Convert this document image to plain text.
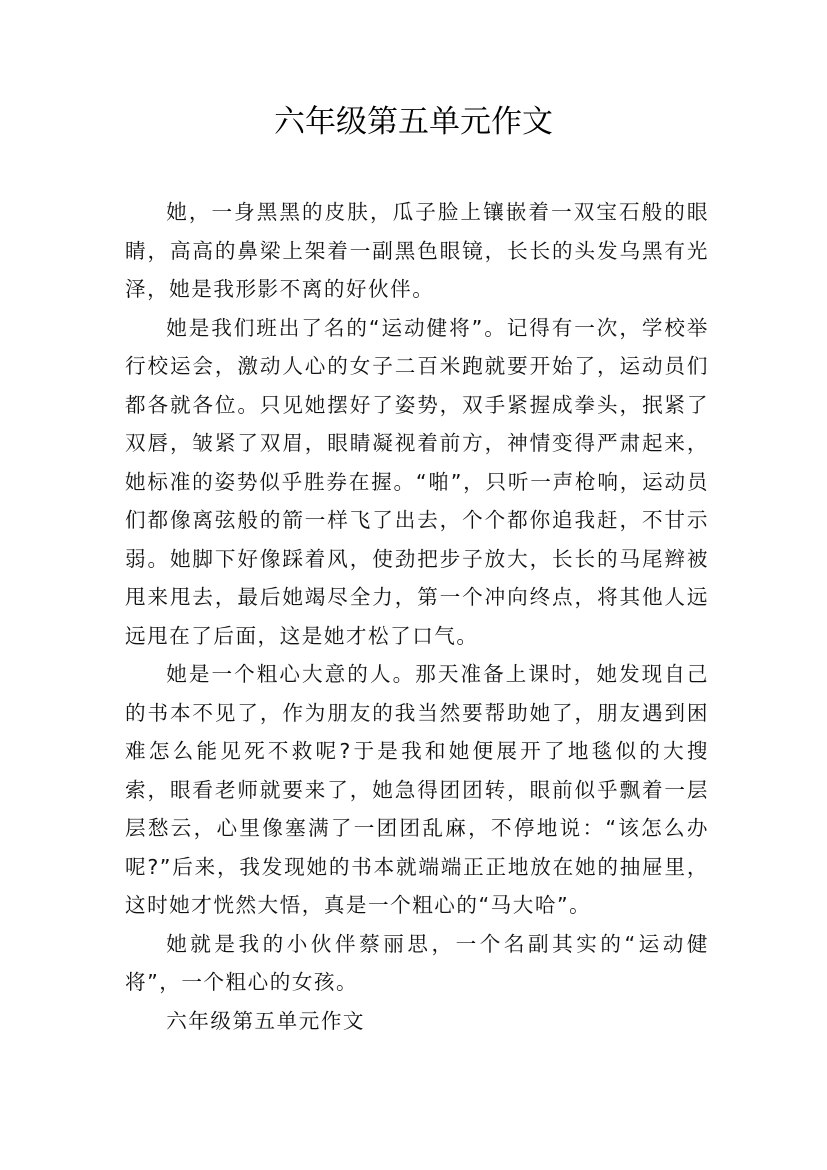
六年级第五单元作文

她，一身黑黑的皮肤，瓜子脸上镶嵌着一双宝石般的眼睛，高高的鼻梁上架着一副黑色眼镜，长长的头发乌黑有光泽，她是我形影不离的好伙伴。

她是我们班出了名的“运动健将”。记得有一次，学校举行校运会，激动人心的女子二百米跑就要开始了，运动员们都各就各位。只见她摆好了姿势，双手紧握成拳头，抿紧了双唇，皱紧了双眉，眼睛凝视着前方，神情变得严肃起来，她标准的姿势似乎胜券在握。“啪”，只听一声枪响，运动员们都像离弦般的箭一样飞了出去，个个都你追我赶，不甘示弱。她脚下好像踩着风，使劲把步子放大，长长的马尾辫被甩来甩去，最后她竭尽全力，第一个冲向终点，将其他人远远甩在了后面，这是她才松了口气。

她是一个粗心大意的人。那天准备上课时，她发现自己的书本不见了，作为朋友的我当然要帮助她了，朋友遇到困难怎么能见死不救呢?于是我和她便展开了地毯似的大搜索，眼看老师就要来了，她急得团团转，眼前似乎飘着一层层愁云，心里像塞满了一团团乱麻，不停地说：“该怎么办呢?”后来，我发现她的书本就端端正正地放在她的抽屉里，这时她才恍然大悟，真是一个粗心的“马大哈”。

她就是我的小伙伴蔡丽思，一个名副其实的“运动健将”，一个粗心的女孩。

六年级第五单元作文
